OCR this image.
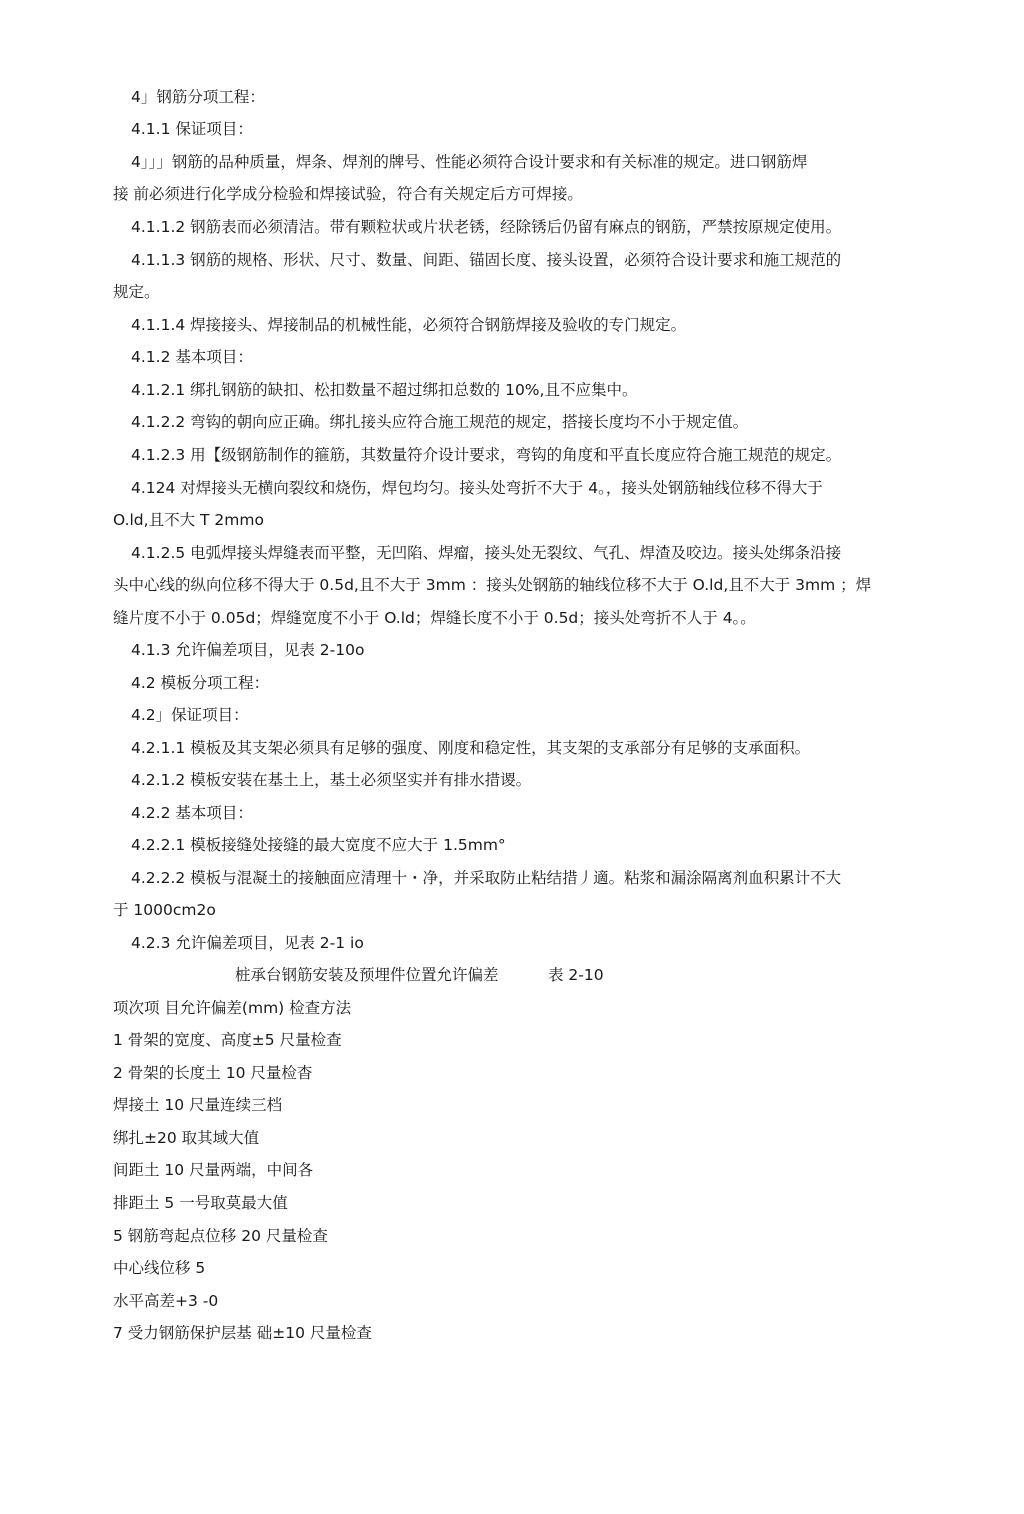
4」钢筋分项工程：
4.1.1 保证项目：
4」」」钢筋的品种质量，焊条、焊剂的牌号、性能必须符合设计要求和有关标准的规定。进口钢筋焊
接 前必须进行化学成分检验和焊接试验，符合有关规定后方可焊接。
4.1.1.2 钢筋表而必须清洁。带有颗粒状或片状老锈，经除锈后仍留有麻点的钢筋，严禁按原规定使用。
4.1.1.3 钢筋的规格、形状、尺寸、数量、间距、锚固长度、接头设置，必须符合设计要求和施工规范的
规定。
4.1.1.4 焊接接头、焊接制品的机械性能，必须符合钢筋焊接及验收的专门规定。
4.1.2 基本项目：
4.1.2.1 绑扎钢筋的缺扣、松扣数量不超过绑扣总数的 10%,且不应集中。
4.1.2.2 弯钩的朝向应正确。绑扎接头应符合施工规范的规定，搭接长度均不小于规定值。
4.1.2.3 用【级钢筋制作的箍筋，其数量符介设计要求，弯钩的角度和平直长度应符合施工规范的规定。
4.124 对焊接头无横向裂纹和烧伤，焊包均匀。接头处弯折不大于 4。，接头处钢筋轴线位移不得大于
O.ld,且不大 T 2mmo
4.1.2.5 电弧焊接头焊缝表而平整，无凹陷、焊瘤，接头处无裂纹、气孔、焊渣及咬边。接头处绑条沿接
头中心线的纵向位移不得大于 0.5d,且不大于 3mm ：接头处钢筋的轴线位移不大于 O.ld,且不大于 3mm ；焊
缝片度不小于 0.05d；焊缝宽度不小于 O.ld；焊缝长度不小于 0.5d；接头处弯折不人于 4。。
4.1.3 允许偏差项目，见表 2-10o
4.2 模板分项工程：
4.2」保证项目：
4.2.1.1 模板及其支架必须具有足够的强度、刚度和稳定性，其支架的支承部分有足够的支承面积。
4.2.1.2 模板安装在基土上，基土必须坚实并有排水措谡。
4.2.2 基本项目：
4.2.2.1 模板接缝处接缝的最大宽度不应大于 1.5mm°
4.2.2.2 模板与混凝土的接触面应清理十・净，并采取防止粘结措丿適。粘浆和漏涂隔离剂血积累计不大
于 1000cm2o
4.2.3 允许偏差项目，见表 2-1 io
桩承台钢筋安装及预埋件位置允许偏差	表 2-10
项次项 目允许偏差(mm) 检查方法
1 骨架的宽度、高度±5 尺量检查
2 骨架的长度土 10 尺量检杳
焊接土 10 尺量连续三档
绑扎±20 取其域大值
间距土 10 尺量两端，中间各
排距土 5 一号取莫最大值
5 钢筋弯起点位移 20 尺量检查
中心线位移 5
水平高差+3 -0
7 受力钢筋保护层基 础±10 尺量检查
